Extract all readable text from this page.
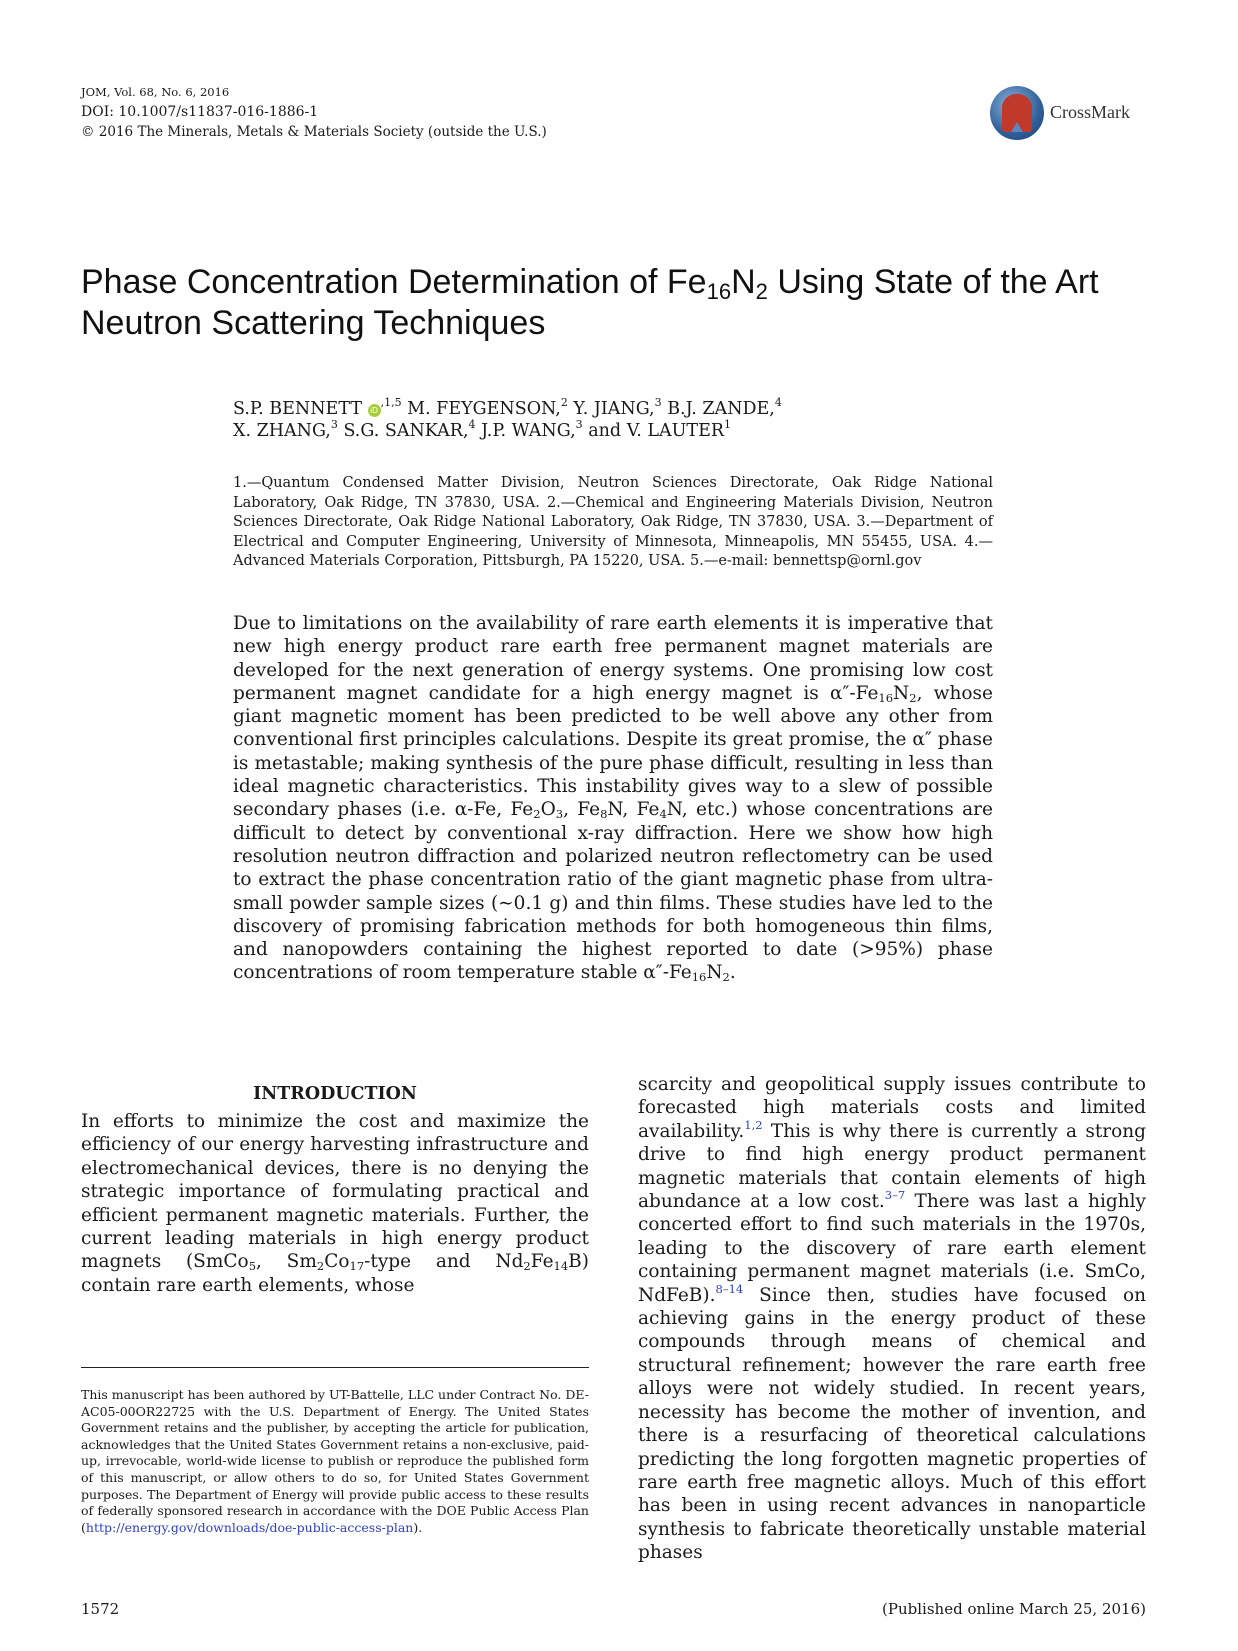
JOM, Vol. 68, No. 6, 2016
DOI: 10.1007/s11837-016-1886-1
© 2016 The Minerals, Metals & Materials Society (outside the U.S.)
CrossMark
Phase Concentration Determination of $Fe_{16}N_2$ Using State of the Art Neutron Scattering Techniques
S.P. BENNETT $iD^{,1,5}$ M. FEYGENSON,$^2$ Y. JIANG,$^3$ B.J. ZANDE,$^4$
X. ZHANG,$^3$ S.G. SANKAR,$^4$ J.P. WANG,$^3$ and V. LAUTER$^1$
1.—Quantum Condensed Matter Division, Neutron Sciences Directorate, Oak Ridge National Laboratory, Oak Ridge, TN 37830, USA. 2.—Chemical and Engineering Materials Division, Neutron Sciences Directorate, Oak Ridge National Laboratory, Oak Ridge, TN 37830, USA. 3.—Department of Electrical and Computer Engineering, University of Minnesota, Minneapolis, MN 55455, USA. 4.—Advanced Materials Corporation, Pittsburgh, PA 15220, USA. 5.—e-mail: bennettsp@ornl.gov
Due to limitations on the availability of rare earth elements it is imperative that new high energy product rare earth free permanent magnet materials are developed for the next generation of energy systems. One promising low cost permanent magnet candidate for a high energy magnet is $\alpha''-Fe_{16}N_2$, whose giant magnetic moment has been predicted to be well above any other from conventional first principles calculations. Despite its great promise, the α″ phase is metastable; making synthesis of the pure phase difficult, resulting in less than ideal magnetic characteristics. This instability gives way to a slew of possible secondary phases (i.e. α-Fe, $Fe_2O_3$, $Fe_8N$, $Fe_4N$, etc.) whose concentrations are difficult to detect by conventional x-ray diffraction. Here we show how high resolution neutron diffraction and polarized neutron reflectometry can be used to extract the phase concentration ratio of the giant magnetic phase from ultra-small powder sample sizes (∼0.1 g) and thin films. These studies have led to the discovery of promising fabrication methods for both homogeneous thin films, and nanopowders containing the highest reported to date (>95%) phase concentrations of room temperature stable $\alpha''-Fe_{16}N_2$.
INTRODUCTION
In efforts to minimize the cost and maximize the efficiency of our energy harvesting infrastructure and electromechanical devices, there is no denying the strategic importance of formulating practical and efficient permanent magnetic materials. Further, the current leading materials in high energy product magnets (SmCo$_5$, $Sm_2Co_{17}$-type and $Nd_2Fe_{14}B$) contain rare earth elements, whose
scarcity and geopolitical supply issues contribute to forecasted high materials costs and limited availability.$^{1,2}$ This is why there is currently a strong drive to find high energy product permanent magnetic materials that contain elements of high abundance at a low cost.$^{3-7}$ There was last a highly concerted effort to find such materials in the 1970s, leading to the discovery of rare earth element containing permanent magnet materials (i.e. SmCo, NdFeB).$^{8-14}$ Since then, studies have focused on achieving gains in the energy product of these compounds through means of chemical and structural refinement; however the rare earth free alloys were not widely studied. In recent years, necessity has become the mother of invention, and there is a resurfacing of theoretical calculations predicting the long forgotten magnetic properties of rare earth free magnetic alloys. Much of this effort has been in using recent advances in nanoparticle synthesis to fabricate theoretically unstable material phases
This manuscript has been authored by UT-Battelle, LLC under Contract No. DE-AC05-00OR22725 with the U.S. Department of Energy. The United States Government retains and the publisher, by accepting the article for publication, acknowledges that the United States Government retains a non-exclusive, paid-up, irrevocable, world-wide license to publish or reproduce the published form of this manuscript, or allow others to do so, for United States Government purposes. The Department of Energy will provide public access to these results of federally sponsored research in accordance with the DOE Public Access Plan (http://energy.gov/downloads/doe-public-access-plan).
1572	(Published online March 25, 2016)
